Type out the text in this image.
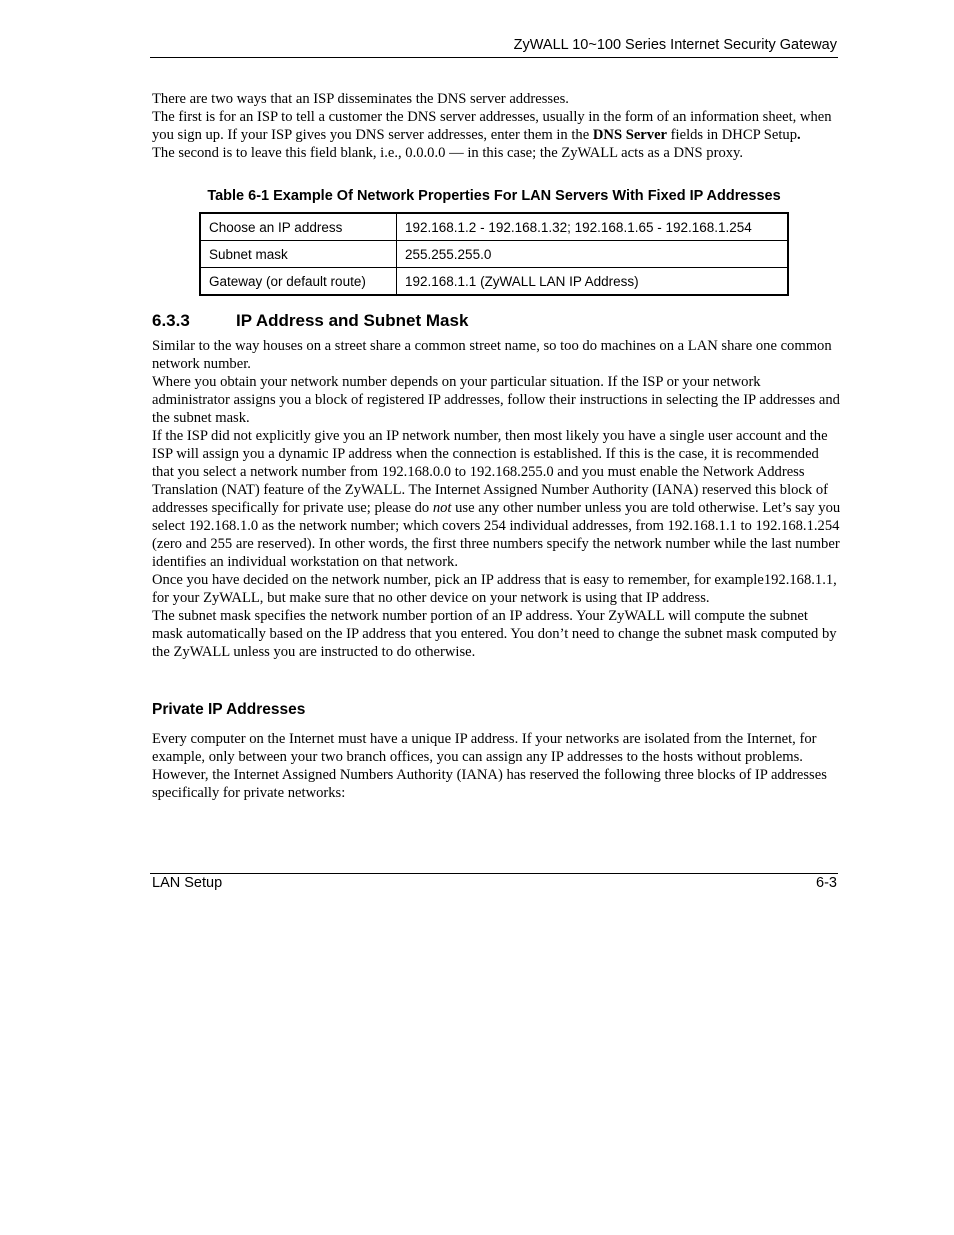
ZyWALL 10~100 Series Internet Security Gateway

There are two ways that an ISP disseminates the DNS server addresses.

The first is for an ISP to tell a customer the DNS server addresses, usually in the form of an information sheet, when you sign up. If your ISP gives you DNS server addresses, enter them in the DNS Server fields in DHCP Setup.

The second is to leave this field blank, i.e., 0.0.0.0 — in this case; the ZyWALL acts as a DNS proxy.

Table 6-1 Example Of Network Properties For LAN Servers With Fixed IP Addresses
Choose an IP address	192.168.1.2 - 192.168.1.32; 192.168.1.65 - 192.168.1.254
Subnet mask	255.255.255.0
Gateway (or default route)	192.168.1.1 (ZyWALL LAN IP Address)
6.3.3	IP Address and Subnet Mask

Similar to the way houses on a street share a common street name, so too do machines on a LAN share one common network number.

Where you obtain your network number depends on your particular situation. If the ISP or your network administrator assigns you a block of registered IP addresses, follow their instructions in selecting the IP addresses and the subnet mask.

If the ISP did not explicitly give you an IP network number, then most likely you have a single user account and the ISP will assign you a dynamic IP address when the connection is established. If this is the case, it is recommended that you select a network number from 192.168.0.0 to 192.168.255.0 and you must enable the Network Address Translation (NAT) feature of the ZyWALL. The Internet Assigned Number Authority (IANA) reserved this block of addresses specifically for private use; please do not use any other number unless you are told otherwise. Let’s say you select 192.168.1.0 as the network number; which covers 254 individual addresses, from 192.168.1.1 to 192.168.1.254 (zero and 255 are reserved). In other words, the first three numbers specify the network number while the last number identifies an individual workstation on that network.

Once you have decided on the network number, pick an IP address that is easy to remember, for example192.168.1.1, for your ZyWALL, but make sure that no other device on your network is using that IP address.

The subnet mask specifies the network number portion of an IP address. Your ZyWALL will compute the subnet mask automatically based on the IP address that you entered. You don’t need to change the subnet mask computed by the ZyWALL unless you are instructed to do otherwise.

Private IP Addresses

Every computer on the Internet must have a unique IP address. If your networks are isolated from the Internet, for example, only between your two branch offices, you can assign any IP addresses to the hosts without problems. However, the Internet Assigned Numbers Authority (IANA) has reserved the following three blocks of IP addresses specifically for private networks:

LAN Setup	6-3
